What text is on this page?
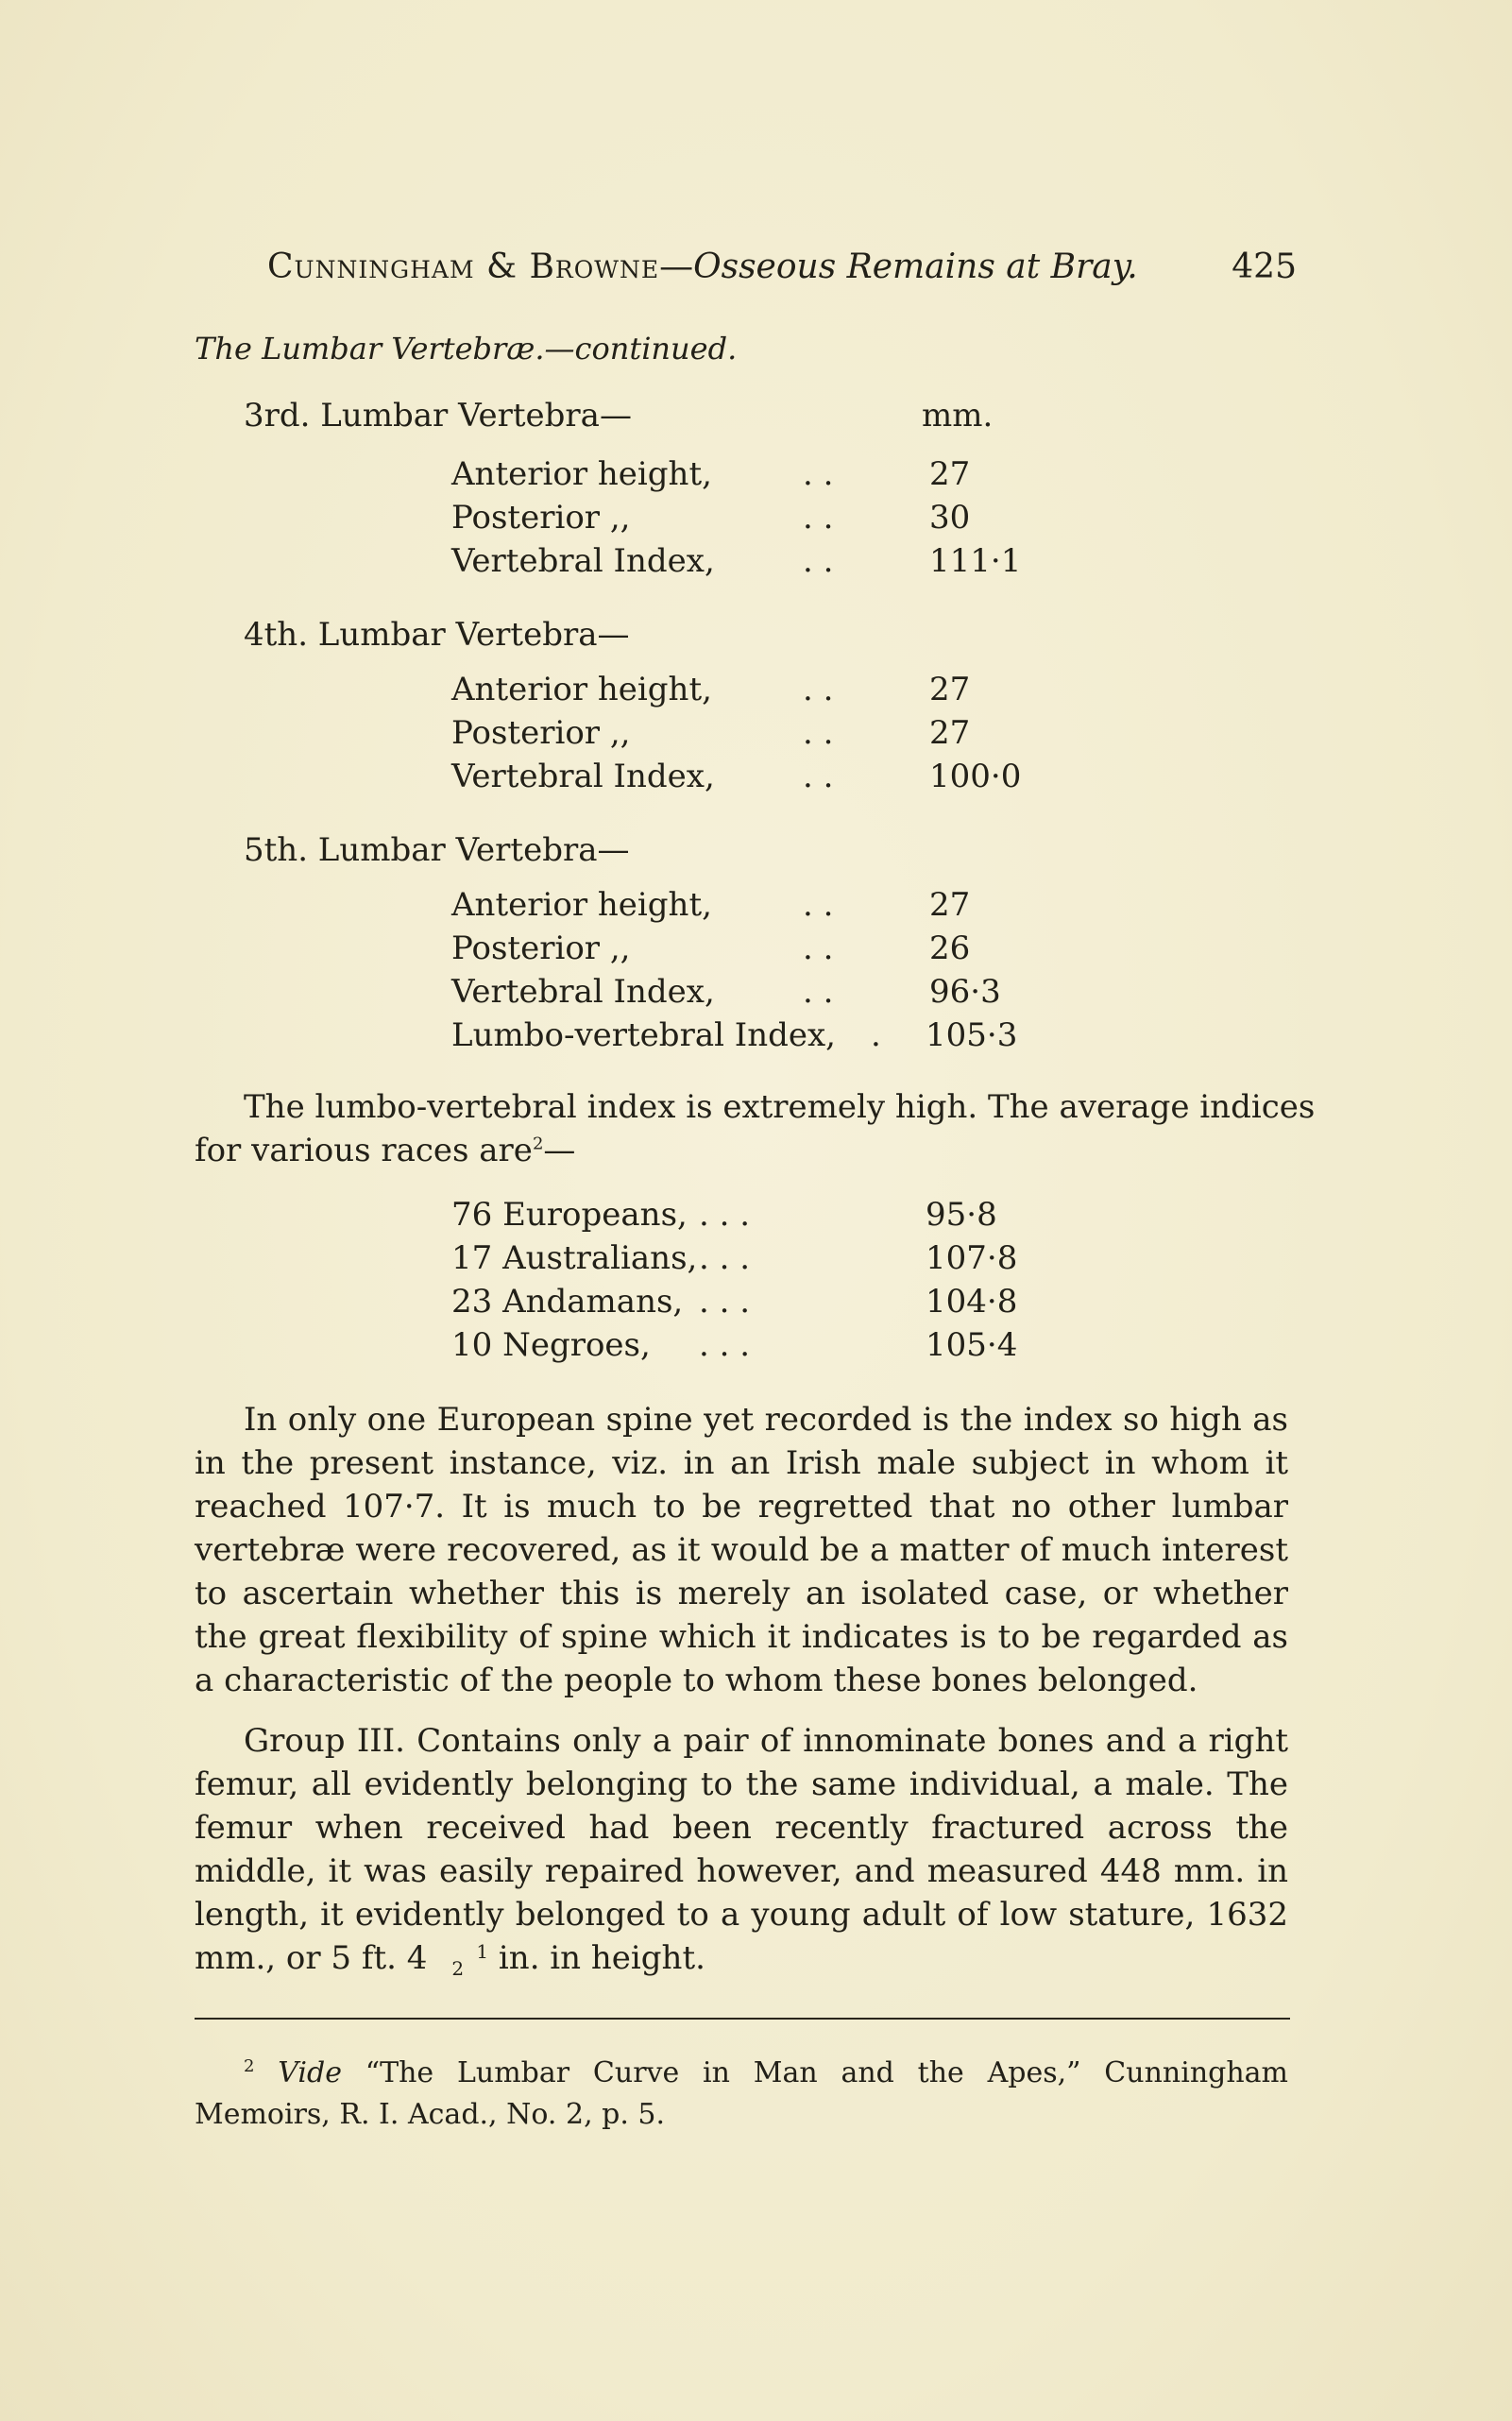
Cunningham & Browne—Osseous Remains at Bray.	425
The Lumbar Vertebræ.—continued.
3rd. Lumbar Vertebra—	mm.
Anterior height,	. .	27
Posterior ,,	. .	30
Vertebral Index,	. .	111·1
4th. Lumbar Vertebra—
Anterior height,	. .	27
Posterior ,,	. .	27
Vertebral Index,	. .	100·0
5th. Lumbar Vertebra—
Anterior height,	. .	27
Posterior ,,	. .	26
Vertebral Index,	. .	96·3
Lumbo-vertebral Index, . 105·3
The lumbo-vertebral index is extremely high. The average indices
for various races are$^2$—
76 Europeans, . . .	95·8
17 Australians, . . .	107·8
23 Andamans, . . .	104·8
10 Negroes, . . .	105·4
In only one European spine yet recorded is the index so high as in the present instance, viz. in an Irish male subject in whom it reached 107·7. It is much to be regretted that no other lumbar vertebræ were recovered, as it would be a matter of much interest to ascertain whether this is merely an isolated case, or whether the great flexibility of spine which it indicates is to be regarded as a characteristic of the people to whom these bones belonged.
Group III. Contains only a pair of innominate bones and a right femur, all evidently belonging to the same individual, a male. The femur when received had been recently fractured across the middle, it was easily repaired however, and measured 448 mm. in length, it evidently belonged to a young adult of low stature, 1632 mm., or 5 ft. 4	1
2 in. in height.
$^2$ Vide “The Lumbar Curve in Man and the Apes,” Cunningham Memoirs, R. I. Acad., No. 2, p. 5.
